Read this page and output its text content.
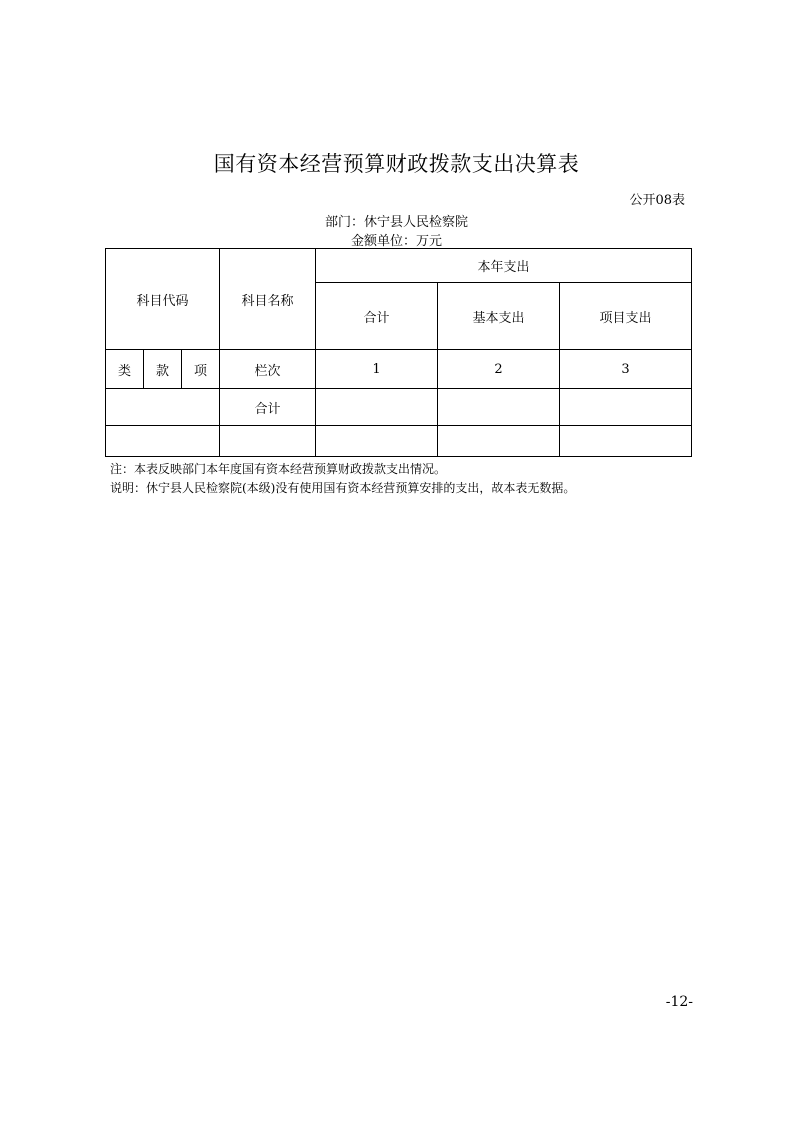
国有资本经营预算财政拨款支出决算表
公开08表
部门：休宁县人民检察院
金额单位：万元
科目代码			科目名称	本年支出		
				合计	基本支出	项目支出
类	款	项	栏次	1	2	3
			合计			

注：本表反映部门本年度国有资本经营预算财政拨款支出情况。
说明：休宁县人民检察院(本级)没有使用国有资本经营预算安排的支出，故本表无数据。
-12-
